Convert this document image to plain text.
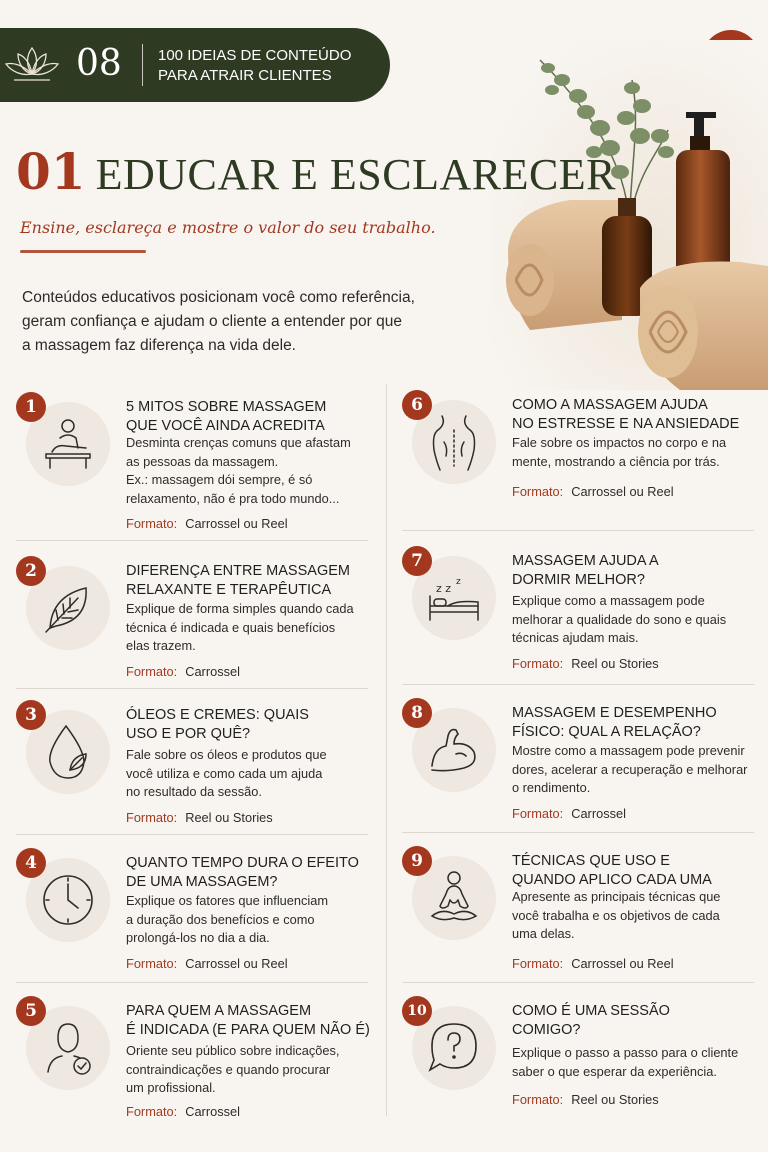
08 100 IDEIAS DE CONTEÚDO
PARA ATRAIR CLIENTES
01 EDUCAR E ESCLARECER
Ensine, esclareça e mostre o valor do seu trabalho.
Conteúdos educativos posicionam você como referência,
geram confiança e ajudam o cliente a entender por que
a massagem faz diferença na vida dele.
1	5 MITOS SOBRE MASSAGEM
QUE VOCÊ AINDA ACREDITA
Desminta crenças comuns que afastam
as pessoas da massagem.
Ex.: massagem dói sempre, é só
relaxamento, não é pra todo mundo...
Formato: Carrossel ou Reel
2	DIFERENÇA ENTRE MASSAGEM
RELAXANTE E TERAPÊUTICA
Explique de forma simples quando cada
técnica é indicada e quais benefícios
elas trazem.
Formato: Carrossel
3	ÓLEOS E CREMES: QUAIS
USO E POR QUÊ?
Fale sobre os óleos e produtos que
você utiliza e como cada um ajuda
no resultado da sessão.
Formato: Reel ou Stories
4	QUANTO TEMPO DURA O EFEITO
DE UMA MASSAGEM?
Explique os fatores que influenciam
a duração dos benefícios e como
prolongá-los no dia a dia.
Formato: Carrossel ou Reel
5	PARA QUEM A MASSAGEM
É INDICADA (E PARA QUEM NÃO É)
Oriente seu público sobre indicações,
contraindicações e quando procurar
um profissional.
Formato: Carrossel
6	COMO A MASSAGEM AJUDA
NO ESTRESSE E NA ANSIEDADE
Fale sobre os impactos no corpo e na
mente, mostrando a ciência por trás.
Formato: Carrossel ou Reel
z z z
7	MASSAGEM AJUDA A
DORMIR MELHOR?
Explique como a massagem pode
melhorar a qualidade do sono e quais
técnicas ajudam mais.
Formato: Reel ou Stories
8	MASSAGEM E DESEMPENHO
FÍSICO: QUAL A RELAÇÃO?
Mostre como a massagem pode prevenir
dores, acelerar a recuperação e melhorar
o rendimento.
Formato: Carrossel
9	TÉCNICAS QUE USO E
QUANDO APLICO CADA UMA
Apresente as principais técnicas que
você trabalha e os objetivos de cada
uma delas.
Formato: Carrossel ou Reel
10	COMO É UMA SESSÃO
COMIGO?
Explique o passo a passo para o cliente
saber o que esperar da experiência.
Formato: Reel ou Stories
